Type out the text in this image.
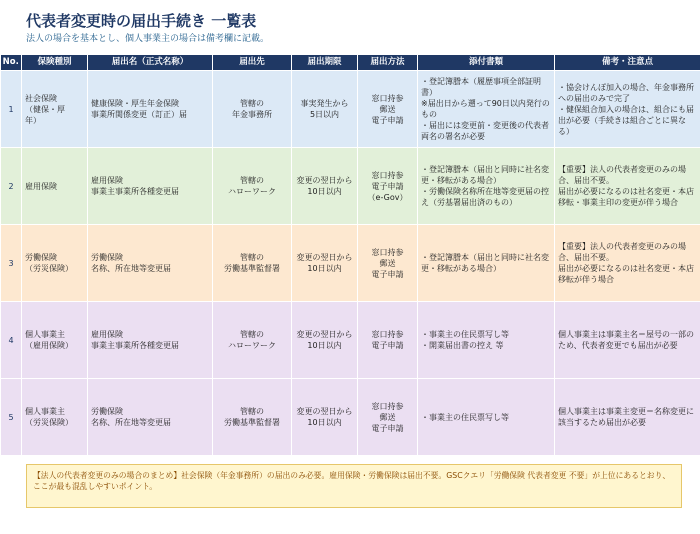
代表者変更時の届出手続き 一覧表
法人の場合を基本とし、個人事業主の場合は備考欄に記載。
No.	保険種別	届出名（正式名称）	届出先	届出期限	届出方法	添付書類	備考・注意点
1	社会保険
（健保・厚
年）	健康保険・厚生年金保険
事業所関係変更（訂正）届	管轄の
年金事務所	事実発生から
5日以内	窓口持参
郵送
電子申請	・登記簿謄本（履歴事項全部証明書）
※届出日から遡って90日以内発行のもの
・届出には変更前・変更後の代表者両名の署名が必要	・協会けんぽ加入の場合、年金事務所への届出のみで完了
・健保組合加入の場合は、組合にも届出が必要（手続きは組合ごとに異なる）

2	雇用保険	雇用保険
事業主事業所各種変更届	管轄の
ハローワーク	変更の翌日から
10日以内	窓口持参
電子申請
（e-Gov）	・登記簿謄本（届出と同時に社名変更・移転がある場合）
・労働保険名称所在地等変更届の控え（労基署届出済のもの）	【重要】法人の代表者変更のみの場合、届出不要。
届出が必要になるのは社名変更・本店移転・事業主印の変更が伴う場合

3	労働保険
（労災保険）	労働保険
名称、所在地等変更届	管轄の
労働基準監督署	変更の翌日から
10日以内	窓口持参
郵送
電子申請	・登記簿謄本（届出と同時に社名変更・移転がある場合）	【重要】法人の代表者変更のみの場合、届出不要。
届出が必要になるのは社名変更・本店移転が伴う場合

4	個人事業主
（雇用保険）	雇用保険
事業主事業所各種変更届	管轄の
ハローワーク	変更の翌日から
10日以内	窓口持参
電子申請	・事業主の住民票写し等
・開業届出書の控え 等	個人事業主は事業主名＝屋号の一部のため、代表者変更でも届出が必要

5	個人事業主
（労災保険）	労働保険
名称、所在地等変更届	管轄の
労働基準監督署	変更の翌日から
10日以内	窓口持参
郵送
電子申請	・事業主の住民票写し等	個人事業主は事業主変更＝名称変更に該当するため届出が必要
【法人の代表者変更のみの場合のまとめ】社会保険（年金事務所）の届出のみ必要。雇用保険・労働保険は届出不要。GSCクエリ「労働保険 代表者変更 不要」が上位にあるとおり、ここが最も混乱しやすいポイント。
